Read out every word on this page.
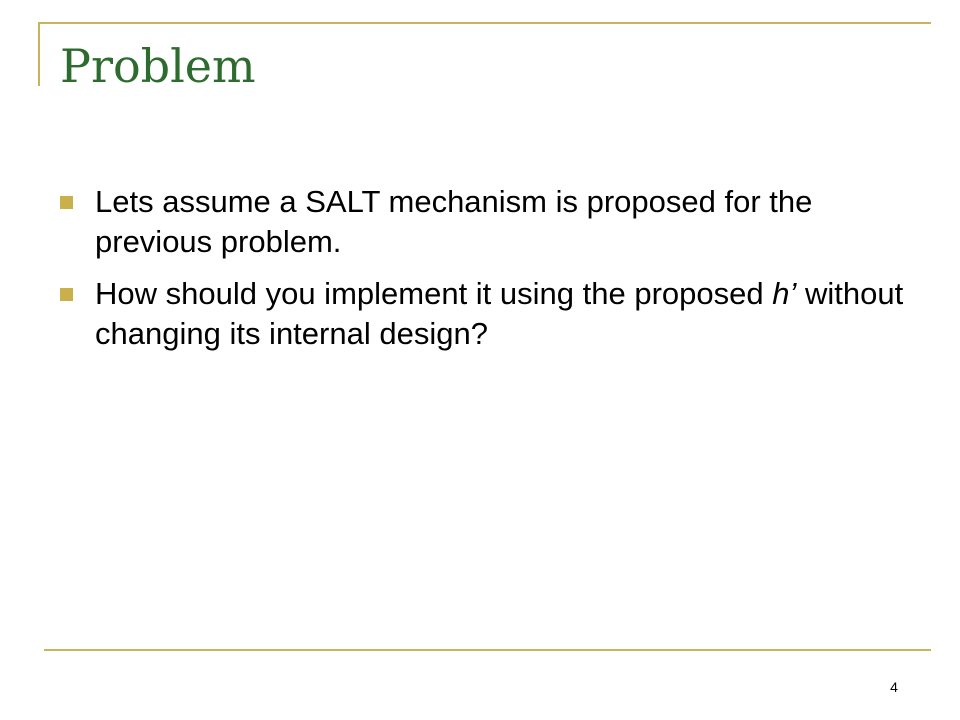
Problem
Lets assume a SALT mechanism is proposed for the previous problem.
How should you implement it using the proposed h’ without changing its internal design?
4
